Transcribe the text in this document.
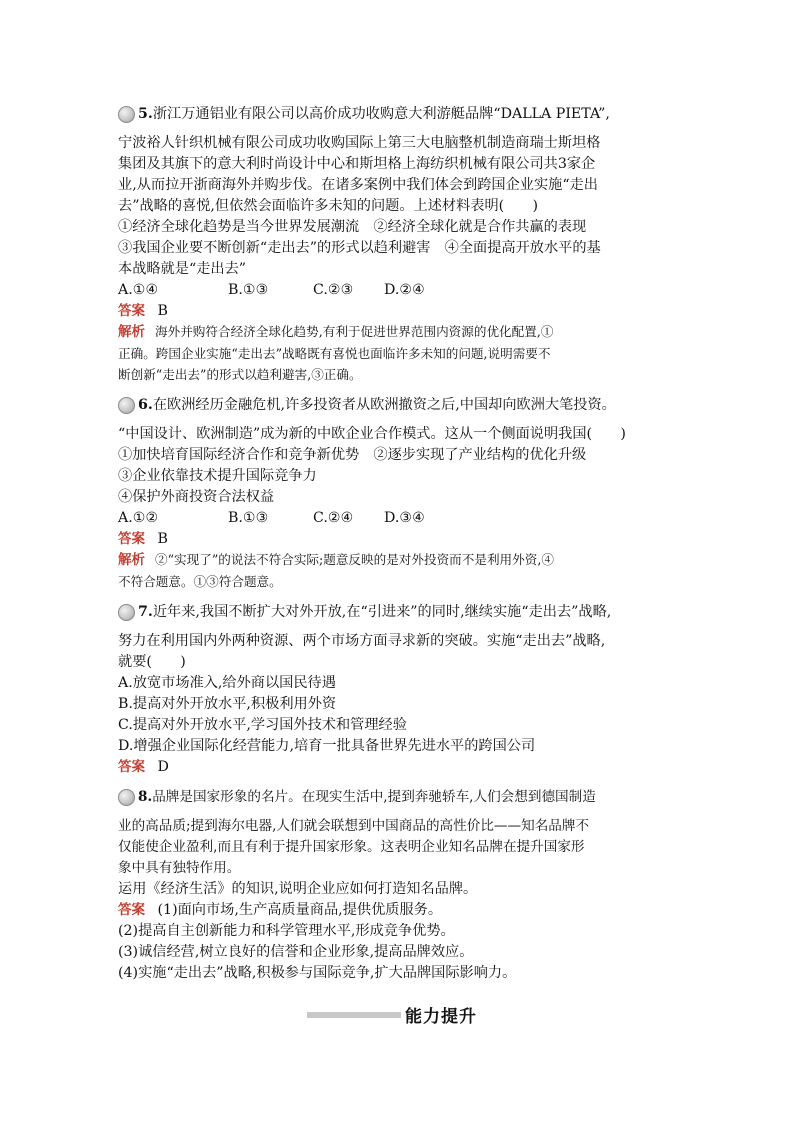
5. 浙江万通铝业有限公司以高价成功收购意大利游艇品牌“DALLA PIETA”,
宁波裕人针织机械有限公司成功收购国际上第三大电脑整机制造商瑞士斯坦格
集团及其旗下的意大利时尚设计中心和斯坦格上海纺织机械有限公司共3家企
业,从而拉开浙商海外并购步伐。在诸多案例中我们体会到跨国企业实施“走出
去”战略的喜悦,但依然会面临许多未知的问题。上述材料表明(　　)
①经济全球化趋势是当今世界发展潮流　②经济全球化就是合作共赢的表现
③我国企业要不断创新“走出去”的形式以趋利避害　④全面提高开放水平的基
本战略就是“走出去”
A.①④	B.①③	C.②③	D.②④
答案 B
解析 海外并购符合经济全球化趋势,有利于促进世界范围内资源的优化配置,①
正确。跨国企业实施“走出去”战略既有喜悦也面临许多未知的问题,说明需要不
断创新“走出去”的形式以趋利避害,③正确。
6. 在欧洲经历金融危机,许多投资者从欧洲撤资之后,中国却向欧洲大笔投资。
“中国设计、欧洲制造”成为新的中欧企业合作模式。这从一个侧面说明我国(　　)
①加快培育国际经济合作和竞争新优势　②逐步实现了产业结构的优化升级
③企业依靠技术提升国际竞争力
④保护外商投资合法权益
A.①②	B.①③	C.②④	D.③④
答案 B
解析 ②“实现了”的说法不符合实际;题意反映的是对外投资而不是利用外资,④
不符合题意。①③符合题意。
7. 近年来,我国不断扩大对外开放,在“引进来”的同时,继续实施“走出去”战略,
努力在利用国内外两种资源、两个市场方面寻求新的突破。实施“走出去”战略,
就要(　　)
A.放宽市场准入,给外商以国民待遇
B.提高对外开放水平,积极利用外资
C.提高对外开放水平,学习国外技术和管理经验
D.增强企业国际化经营能力,培育一批具备世界先进水平的跨国公司
答案 D
8. 品牌是国家形象的名片。在现实生活中,提到奔驰轿车,人们会想到德国制造
业的高品质;提到海尔电器,人们就会联想到中国商品的高性价比——知名品牌不
仅能使企业盈利,而且有利于提升国家形象。这表明企业知名品牌在提升国家形
象中具有独特作用。
运用《经济生活》的知识,说明企业应如何打造知名品牌。
答案 (1)面向市场,生产高质量商品,提供优质服务。
(2)提高自主创新能力和科学管理水平,形成竞争优势。
(3)诚信经营,树立良好的信誉和企业形象,提高品牌效应。
(4)实施“走出去”战略,积极参与国际竞争,扩大品牌国际影响力。
能力提升
